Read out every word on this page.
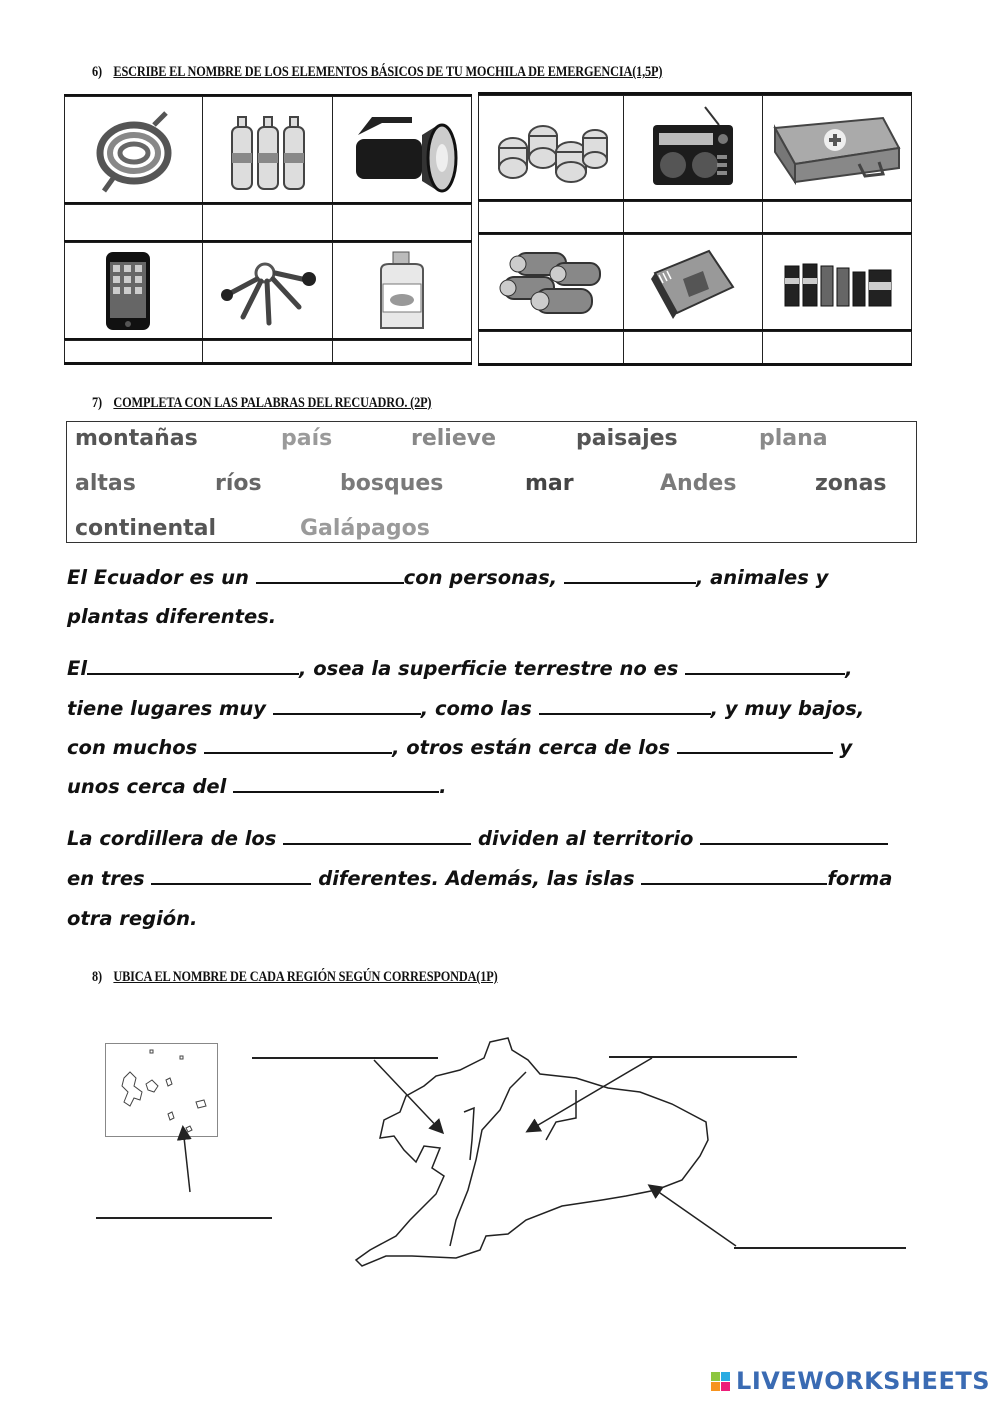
6) ESCRIBE EL NOMBRE DE LOS ELEMENTOS BÁSICOS DE TU MOCHILA DE EMERGENCIA(1,5P)
7) COMPLETA CON LAS PALABRAS DEL RECUADRO. (2P)
montañas	país	relieve	paisajes	plana
altas	ríos	bosques	mar	Andes	zonas
continental	Galápagos
El Ecuador es un	con personas,	, animales y
plantas diferentes.
El	, osea la superficie terrestre no es	,
tiene lugares muy	, como las	, y muy bajos,
con muchos	, otros están cerca de los	y
unos cerca del	.
La cordillera de los	dividen al territorio
en tres	diferentes. Además, las islas	forma
otra región.
8) UBICA EL NOMBRE DE CADA REGIÓN SEGÚN CORRESPONDA(1P)
LIVEWORKSHEETS
